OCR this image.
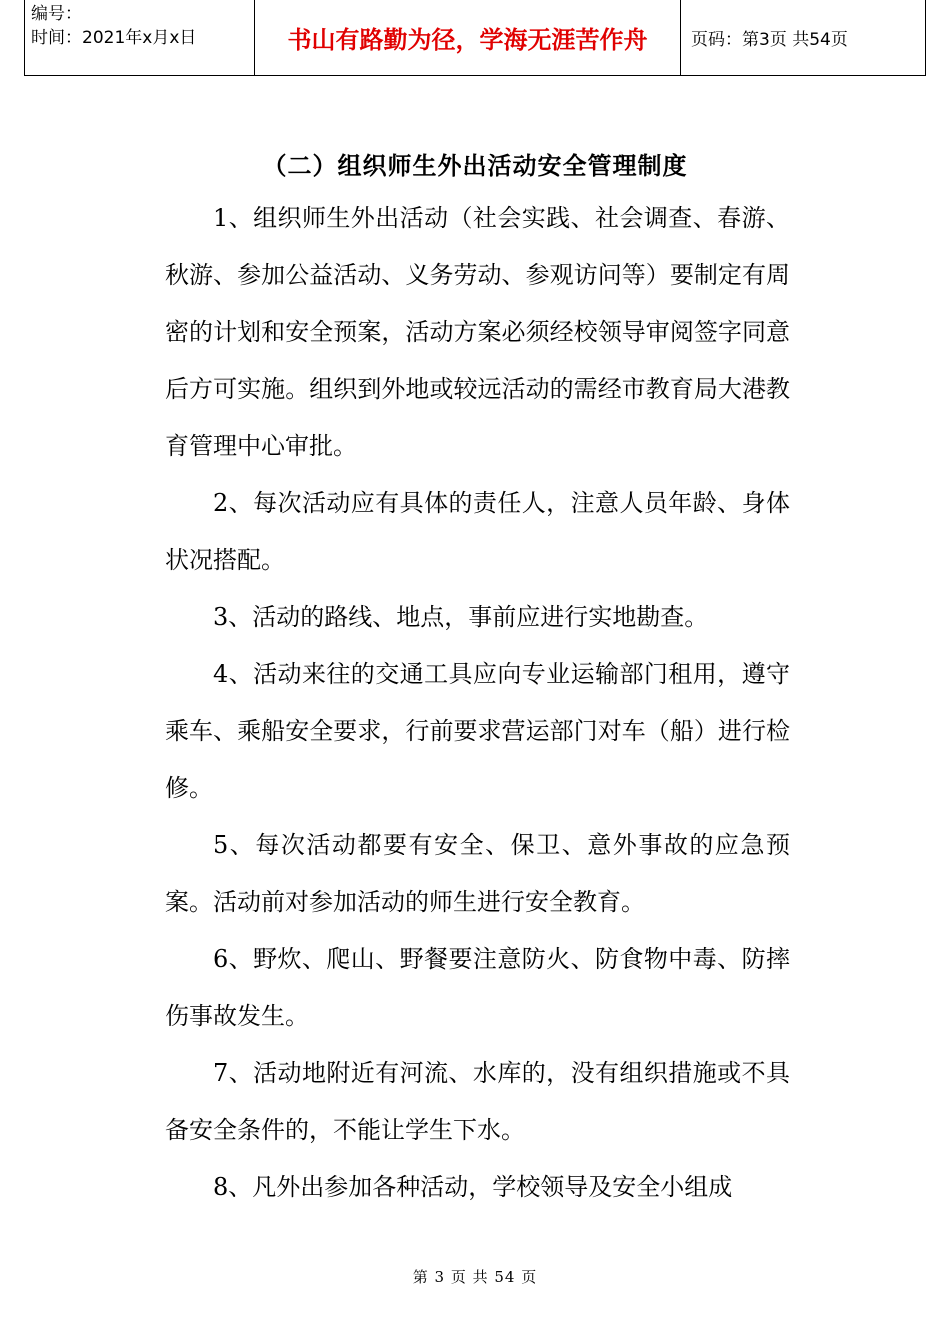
编号：
时间：2021年x月x日	书山有路勤为径，学海无涯苦作舟	页码：第3页 共54页
（二）组织师生外出活动安全管理制度

1、组织师生外出活动（社会实践、社会调查、春游、秋游、参加公益活动、义务劳动、参观访问等）要制定有周密的计划和安全预案，活动方案必须经校领导审阅签字同意后方可实施。组织到外地或较远活动的需经市教育局大港教育管理中心审批。

2、每次活动应有具体的责任人，注意人员年龄、身体状况搭配。

3、活动的路线、地点，事前应进行实地勘查。

4、活动来往的交通工具应向专业运输部门租用，遵守乘车、乘船安全要求，行前要求营运部门对车（船）进行检修。

5、每次活动都要有安全、保卫、意外事故的应急预案。活动前对参加活动的师生进行安全教育。

6、野炊、爬山、野餐要注意防火、防食物中毒、防摔伤事故发生。

7、活动地附近有河流、水库的，没有组织措施或不具备安全条件的，不能让学生下水。

8、凡外出参加各种活动，学校领导及安全小组成

第 3 页 共 54 页
